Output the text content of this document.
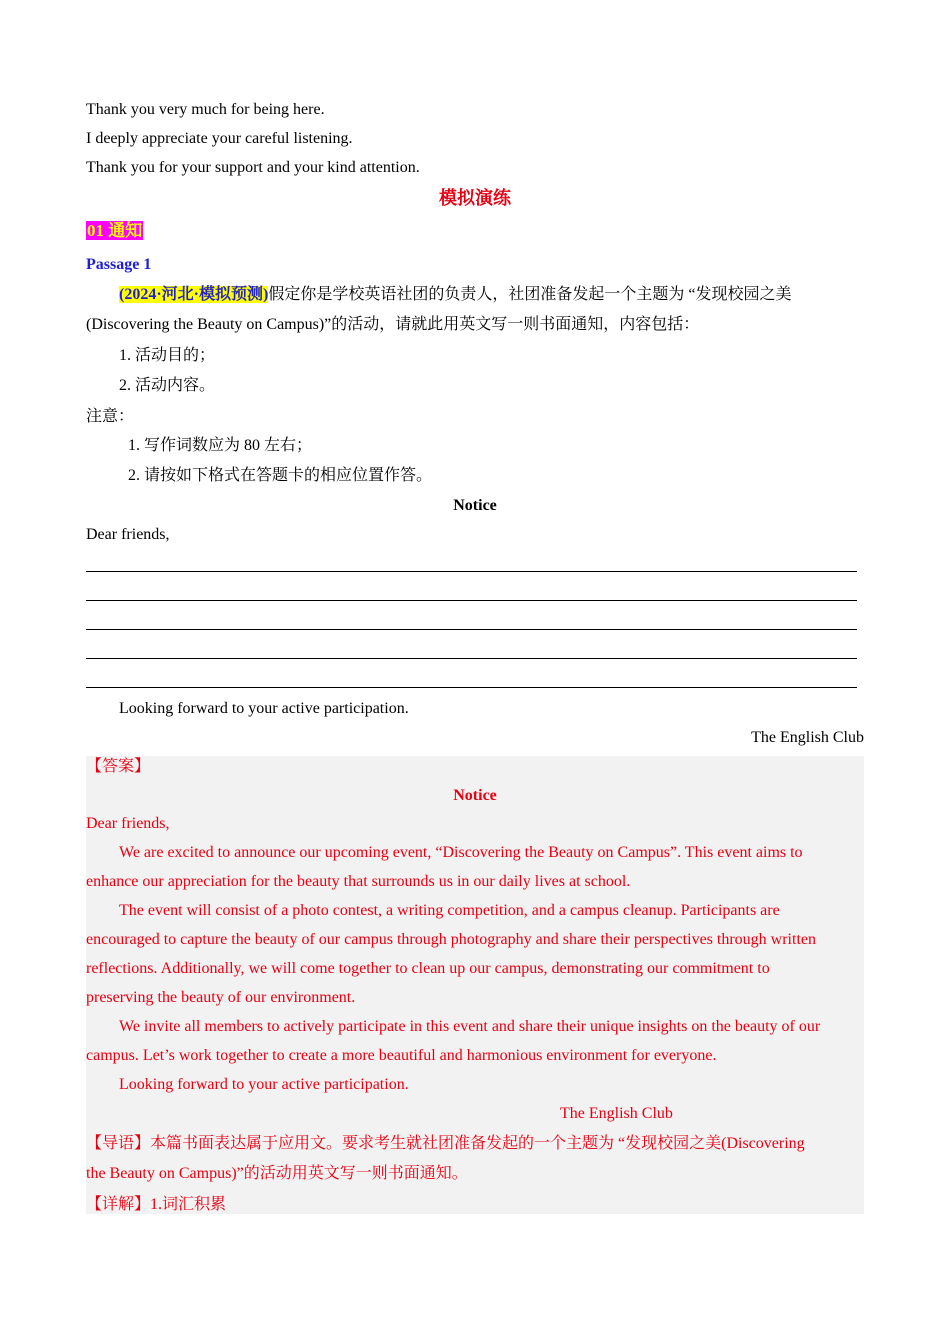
Thank you very much for being here.
I deeply appreciate your careful listening.
Thank you for your support and your kind attention.
模拟演练
01 通知
Passage 1
(2024·河北·模拟预测)假定你是学校英语社团的负责人，社团准备发起一个主题为 “发现校园之美
(Discovering the Beauty on Campus)”的活动，请就此用英文写一则书面通知，内容包括：
1. 活动目的；
2. 活动内容。
注意：
1. 写作词数应为 80 左右；
2. 请按如下格式在答题卡的相应位置作答。
Notice
Dear friends,
Looking forward to your active participation.
The English Club
【答案】
Notice
Dear friends,
We are excited to announce our upcoming event, “Discovering the Beauty on Campus”. This event aims to
enhance our appreciation for the beauty that surrounds us in our daily lives at school.
The event will consist of a photo contest, a writing competition, and a campus cleanup. Participants are
encouraged to capture the beauty of our campus through photography and share their perspectives through written
reflections. Additionally, we will come together to clean up our campus, demonstrating our commitment to
preserving the beauty of our environment.
We invite all members to actively participate in this event and share their unique insights on the beauty of our
campus. Let’s work together to create a more beautiful and harmonious environment for everyone.
Looking forward to your active participation.
The English Club
【导语】本篇书面表达属于应用文。要求考生就社团准备发起的一个主题为 “发现校园之美(Discovering
the Beauty on Campus)”的活动用英文写一则书面通知。
【详解】1.词汇积累
